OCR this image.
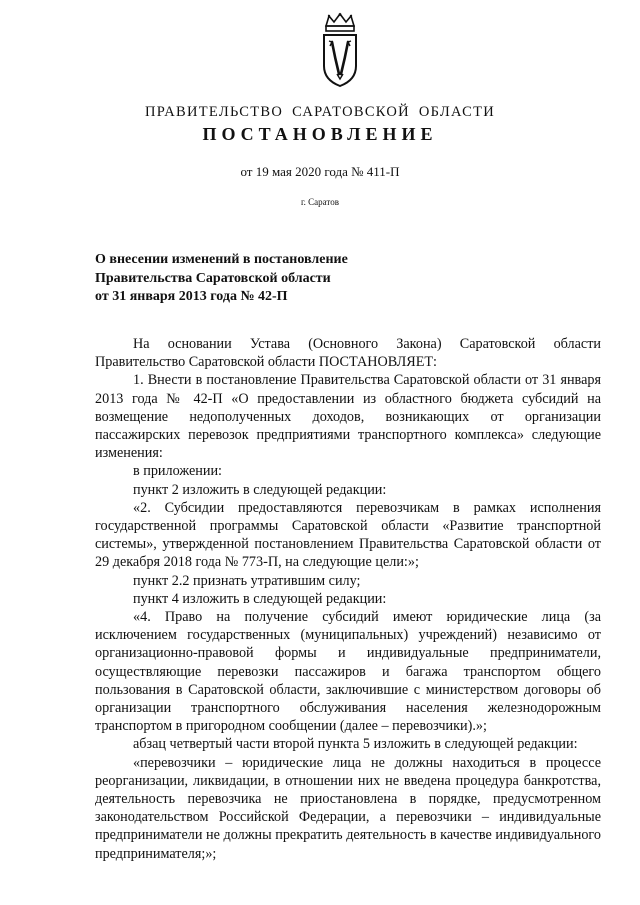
ПРАВИТЕЛЬСТВО САРАТОВСКОЙ ОБЛАСТИ
ПОСТАНОВЛЕНИЕ
от 19 мая 2020 года № 411-П
г. Саратов
О внесении изменений в постановление
Правительства Саратовской области
от 31 января 2013 года № 42-П

На основании Устава (Основного Закона) Саратовской области Правительство Саратовской области ПОСТАНОВЛЯЕТ:

1. Внести в постановление Правительства Саратовской области от 31 января 2013 года № 42-П «О предоставлении из областного бюджета субсидий на возмещение недополученных доходов, возникающих от организации пассажирских перевозок предприятиями транспортного комплекса» следующие изменения:

в приложении:

пункт 2 изложить в следующей редакции:

«2. Субсидии предоставляются перевозчикам в рамках исполнения государственной программы Саратовской области «Развитие транспортной системы», утвержденной постановлением Правительства Саратовской области от 29 декабря 2018 года № 773-П, на следующие цели:»;

пункт 2.2 признать утратившим силу;

пункт 4 изложить в следующей редакции:

«4. Право на получение субсидий имеют юридические лица (за исключением государственных (муниципальных) учреждений) независимо от организационно-правовой формы и индивидуальные предприниматели, осуществляющие перевозки пассажиров и багажа транспортом общего пользования в Саратовской области, заключившие с министерством договоры об организации транспортного обслуживания населения железнодорожным транспортом в пригородном сообщении (далее – перевозчики).»;

абзац четвертый части второй пункта 5 изложить в следующей редакции:

«перевозчики – юридические лица не должны находиться в процессе реорганизации, ликвидации, в отношении них не введена процедура банкротства, деятельность перевозчика не приостановлена в порядке, предусмотренном законодательством Российской Федерации, а перевозчики – индивидуальные предприниматели не должны прекратить деятельность в качестве индивидуального предпринимателя;»;
